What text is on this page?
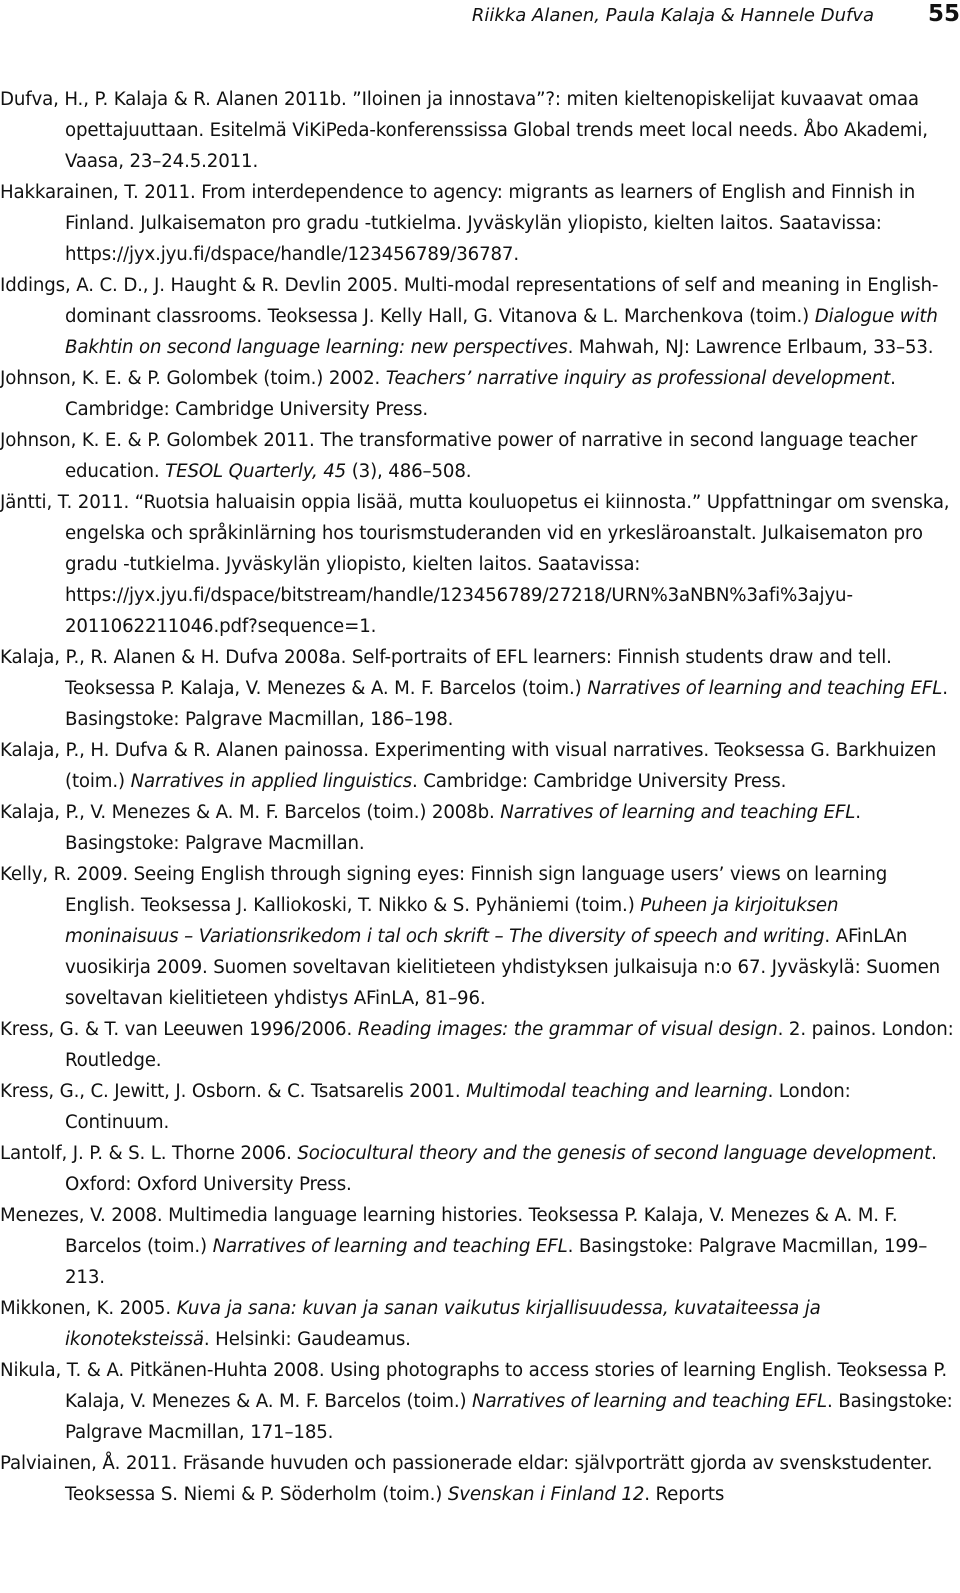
Riikka Alanen, Paula Kalaja & Hannele Dufva 55

Dufva, H., P. Kalaja & R. Alanen 2011b. ”Iloinen ja innostava”?: miten kieltenopiskelijat kuvaavat omaa opettajuuttaan. Esitelmä ViKiPeda-konferenssissa Global trends meet local needs. Åbo Akademi, Vaasa, 23–24.5.2011.

Hakkarainen, T. 2011. From interdependence to agency: migrants as learners of English and Finnish in Finland. Julkaisematon pro gradu -tutkielma. Jyväskylän yliopisto, kielten laitos. Saatavissa: https://jyx.jyu.fi/dspace/handle/123456789/36787.

Iddings, A. C. D., J. Haught & R. Devlin 2005. Multi-modal representations of self and meaning in English-dominant classrooms. Teoksessa J. Kelly Hall, G. Vitanova & L. Marchenkova (toim.) Dialogue with Bakhtin on second language learning: new perspectives. Mahwah, NJ: Lawrence Erlbaum, 33–53.

Johnson, K. E. & P. Golombek (toim.) 2002. Teachers’ narrative inquiry as professional development. Cambridge: Cambridge University Press.

Johnson, K. E. & P. Golombek 2011. The transformative power of narrative in second language teacher education. TESOL Quarterly, 45 (3), 486–508.

Jäntti, T. 2011. “Ruotsia haluaisin oppia lisää, mutta kouluopetus ei kiinnosta.” Uppfattningar om svenska, engelska och språkinlärning hos tourismstuderanden vid en yrkesläroanstalt. Julkaisematon pro gradu -tutkielma. Jyväskylän yliopisto, kielten laitos. Saatavissa: https://jyx.jyu.fi/dspace/bitstream/handle/123456789/27218/URN%3aNBN%3afi%3ajyu-2011062211046.pdf?sequence=1.

Kalaja, P., R. Alanen & H. Dufva 2008a. Self-portraits of EFL learners: Finnish students draw and tell. Teoksessa P. Kalaja, V. Menezes & A. M. F. Barcelos (toim.) Narratives of learning and teaching EFL. Basingstoke: Palgrave Macmillan, 186–198.

Kalaja, P., H. Dufva & R. Alanen painossa. Experimenting with visual narratives. Teoksessa G. Barkhuizen (toim.) Narratives in applied linguistics. Cambridge: Cambridge University Press.

Kalaja, P., V. Menezes & A. M. F. Barcelos (toim.) 2008b. Narratives of learning and teaching EFL. Basingstoke: Palgrave Macmillan.

Kelly, R. 2009. Seeing English through signing eyes: Finnish sign language users’ views on learning English. Teoksessa J. Kalliokoski, T. Nikko & S. Pyhäniemi (toim.) Puheen ja kirjoituksen moninaisuus – Variationsrikedom i tal och skrift – The diversity of speech and writing. AFinLAn vuosikirja 2009. Suomen soveltavan kielitieteen yhdistyksen julkaisuja n:o 67. Jyväskylä: Suomen soveltavan kielitieteen yhdistys AFinLA, 81–96.

Kress, G. & T. van Leeuwen 1996/2006. Reading images: the grammar of visual design. 2. painos. London: Routledge.

Kress, G., C. Jewitt, J. Osborn. & C. Tsatsarelis 2001. Multimodal teaching and learning. London: Continuum.

Lantolf, J. P. & S. L. Thorne 2006. Sociocultural theory and the genesis of second language development. Oxford: Oxford University Press.

Menezes, V. 2008. Multimedia language learning histories. Teoksessa P. Kalaja, V. Menezes & A. M. F. Barcelos (toim.) Narratives of learning and teaching EFL. Basingstoke: Palgrave Macmillan, 199–213.

Mikkonen, K. 2005. Kuva ja sana: kuvan ja sanan vaikutus kirjallisuudessa, kuvataiteessa ja ikonoteksteissä. Helsinki: Gaudeamus.

Nikula, T. & A. Pitkänen-Huhta 2008. Using photographs to access stories of learning English. Teoksessa P. Kalaja, V. Menezes & A. M. F. Barcelos (toim.) Narratives of learning and teaching EFL. Basingstoke: Palgrave Macmillan, 171–185.

Palviainen, Å. 2011. Fräsande huvuden och passionerade eldar: självporträtt gjorda av svenskstudenter. Teoksessa S. Niemi & P. Söderholm (toim.) Svenskan i Finland 12. Reports
